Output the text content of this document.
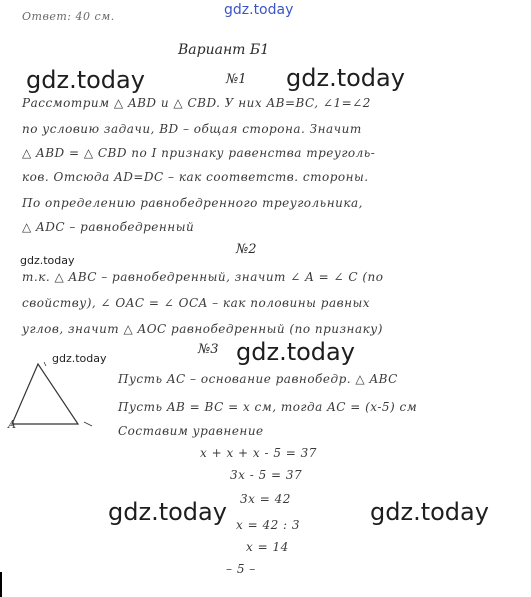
gdz.today
Ответ: 40 см.
Вариант Б1
gdz.today	gdz.today
gdz.today
gdz.today	gdz.today
gdz.today	gdz.today
№1
Рассмотрим △ ABD и △ CBD. У них AB=BC, ∠1=∠2
по условию задачи, BD – общая сторона. Значит
△ ABD = △ CBD по I признаку равенства треуголь-
ков. Отсюда AD=DC – как соответств. стороны.
По определению равнобедренного треугольника,
△ ADC – равнобедренный
№2
т.к. △ ABC – равнобедренный, значит ∠ A = ∠ C (по
свойству), ∠ OAC = ∠ OCA – как половины равных
углов, значит △ AOC равнобедренный (по признаку)
№3
A
Пусть AC – основание равнобедр. △ ABC
Пусть AB = BC = x см, тогда AC = (x-5) см
Составим уравнение
x + x + x - 5 = 37
3x - 5 = 37
3x = 42
x = 42 : 3
x = 14
– 5 –
